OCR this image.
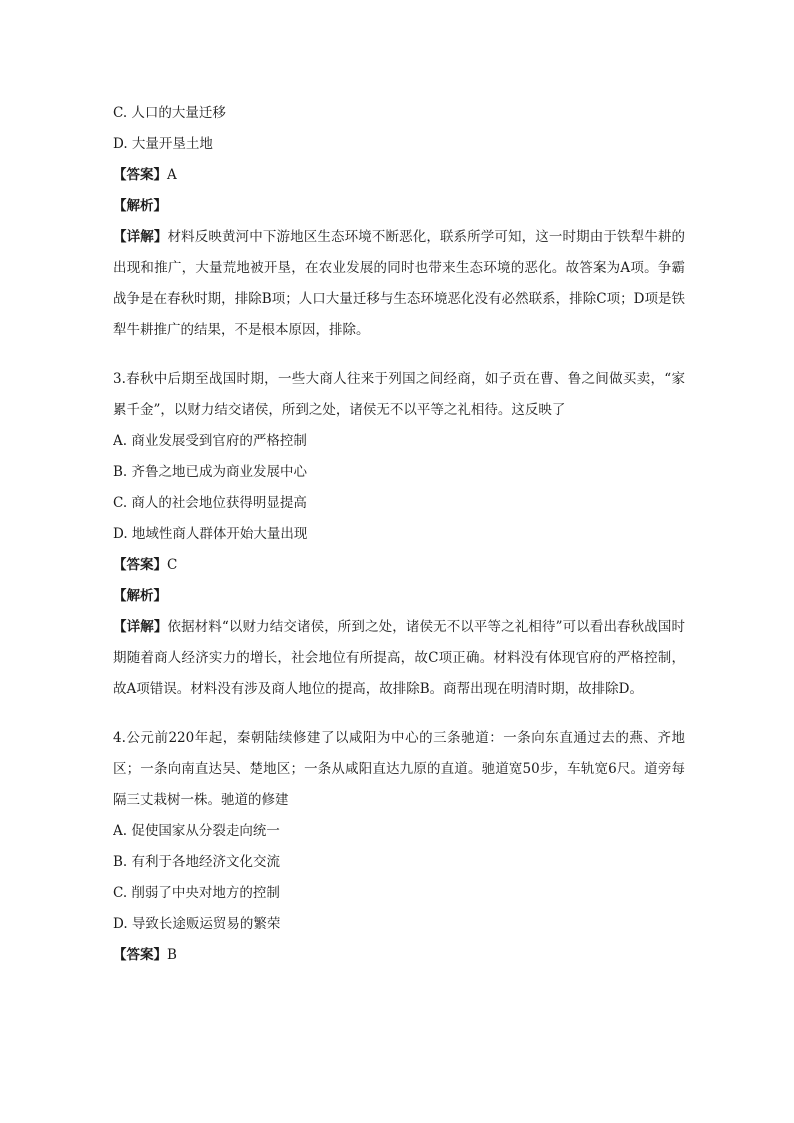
C. 人口的大量迁移
D. 大量开垦土地
【答案】A
【解析】
【详解】材料反映黄河中下游地区生态环境不断恶化，联系所学可知，这一时期由于铁犁牛耕的出现和推广，大量荒地被开垦，在农业发展的同时也带来生态环境的恶化。故答案为A项。争霸战争是在春秋时期，排除B项；人口大量迁移与生态环境恶化没有必然联系，排除C项；D项是铁犁牛耕推广的结果，不是根本原因，排除。
3.春秋中后期至战国时期，一些大商人往来于列国之间经商，如子贡在曹、鲁之间做买卖，“家累千金”，以财力结交诸侯，所到之处，诸侯无不以平等之礼相待。这反映了
A. 商业发展受到官府的严格控制
B. 齐鲁之地已成为商业发展中心
C. 商人的社会地位获得明显提高
D. 地域性商人群体开始大量出现
【答案】C
【解析】
【详解】依据材料“以财力结交诸侯，所到之处，诸侯无不以平等之礼相待”可以看出春秋战国时期随着商人经济实力的增长，社会地位有所提高，故C项正确。材料没有体现官府的严格控制，故A项错误。材料没有涉及商人地位的提高，故排除B。商帮出现在明清时期，故排除D。
4.公元前220年起，秦朝陆续修建了以咸阳为中心的三条驰道：一条向东直通过去的燕、齐地区；一条向南直达吴、楚地区；一条从咸阳直达九原的直道。驰道宽50步，车轨宽6尺。道旁每隔三丈栽树一株。驰道的修建
A. 促使国家从分裂走向统一
B. 有利于各地经济文化交流
C. 削弱了中央对地方的控制
D. 导致长途贩运贸易的繁荣
【答案】B
